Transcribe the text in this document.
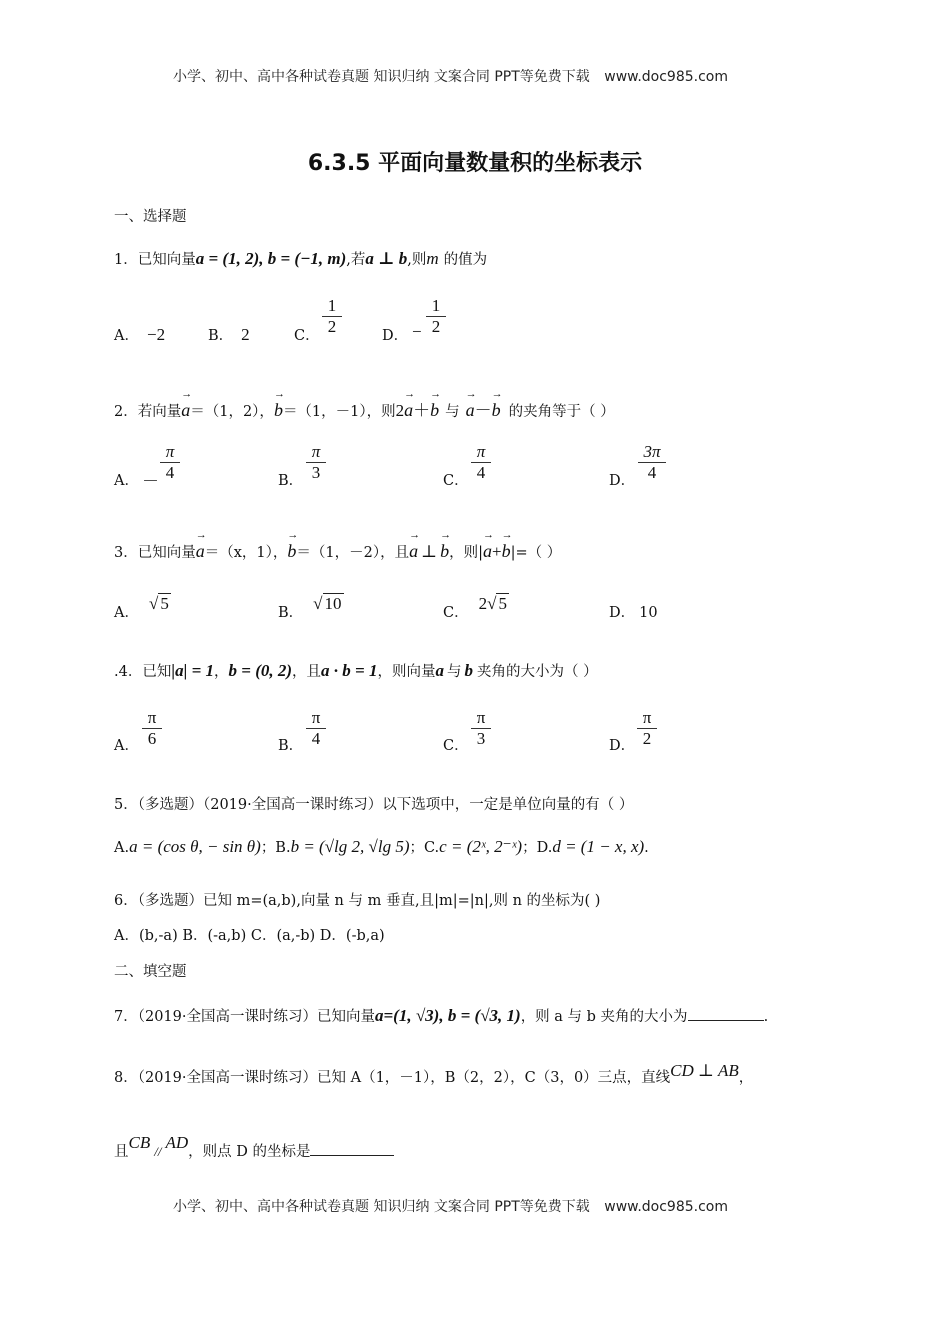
小学、初中、高中各种试卷真题 知识归纳 文案合同 PPT等免费下载 www.doc985.com
小学、初中、高中各种试卷真题 知识归纳 文案合同 PPT等免费下载 www.doc985.com
6.3.5 平面向量数量积的坐标表示
一、选择题
1．已知向量a = (1, 2), b = (−1, m),若a ⊥ b,则m 的值为
A． −2	B． 2	C．
1
2	D． −
1
2
2．若向量→ a＝（1，2），→ b＝（1，－1），则2→ a＋→ b 与 → a－→ b 的夹角等于（ ）
A． －
π
4	B．
π
3	C．
π
4	D．
3π
4
3．已知向量→ a＝（x，1），→ b＝（1，－2），且→ a ⊥ → b，则|→ a+→ b|=（ ）
A． √ 5	B． √ 10	C． 2√ 5	D． 10
.4．已知|a| = 1，b = (0, 2)，且a · b = 1，则向量a 与 b 夹角的大小为（ ）
A．
π
6	B．
π
4	C．
π
3	D．
π
2
5．（多选题）（2019·全国高一课时练习）以下选项中，一定是单位向量的有（ ）
A.a = (cos θ, − sin θ)；B.b = (√lg 2, √lg 5)；C.c = (2ˣ, 2⁻ˣ)；D.d = (1 − x, x).
6．（多选题）已知 m=(a,b),向量 n 与 m 垂直,且|m|=|n|,则 n 的坐标为( )
A．(b,-a) B．(-a,b) C．(a,-b) D．(-b,a)
二、填空题
7．（2019·全国高一课时练习）已知向量a=(1, √3), b = (√3, 1)，则 a 与 b 夹角的大小为	.
8．（2019·全国高一课时练习）已知 A（1，－1），B（2，2），C（3，0）三点，直线CD ⊥ AB，
且CB // AD，则点 D 的坐标是
